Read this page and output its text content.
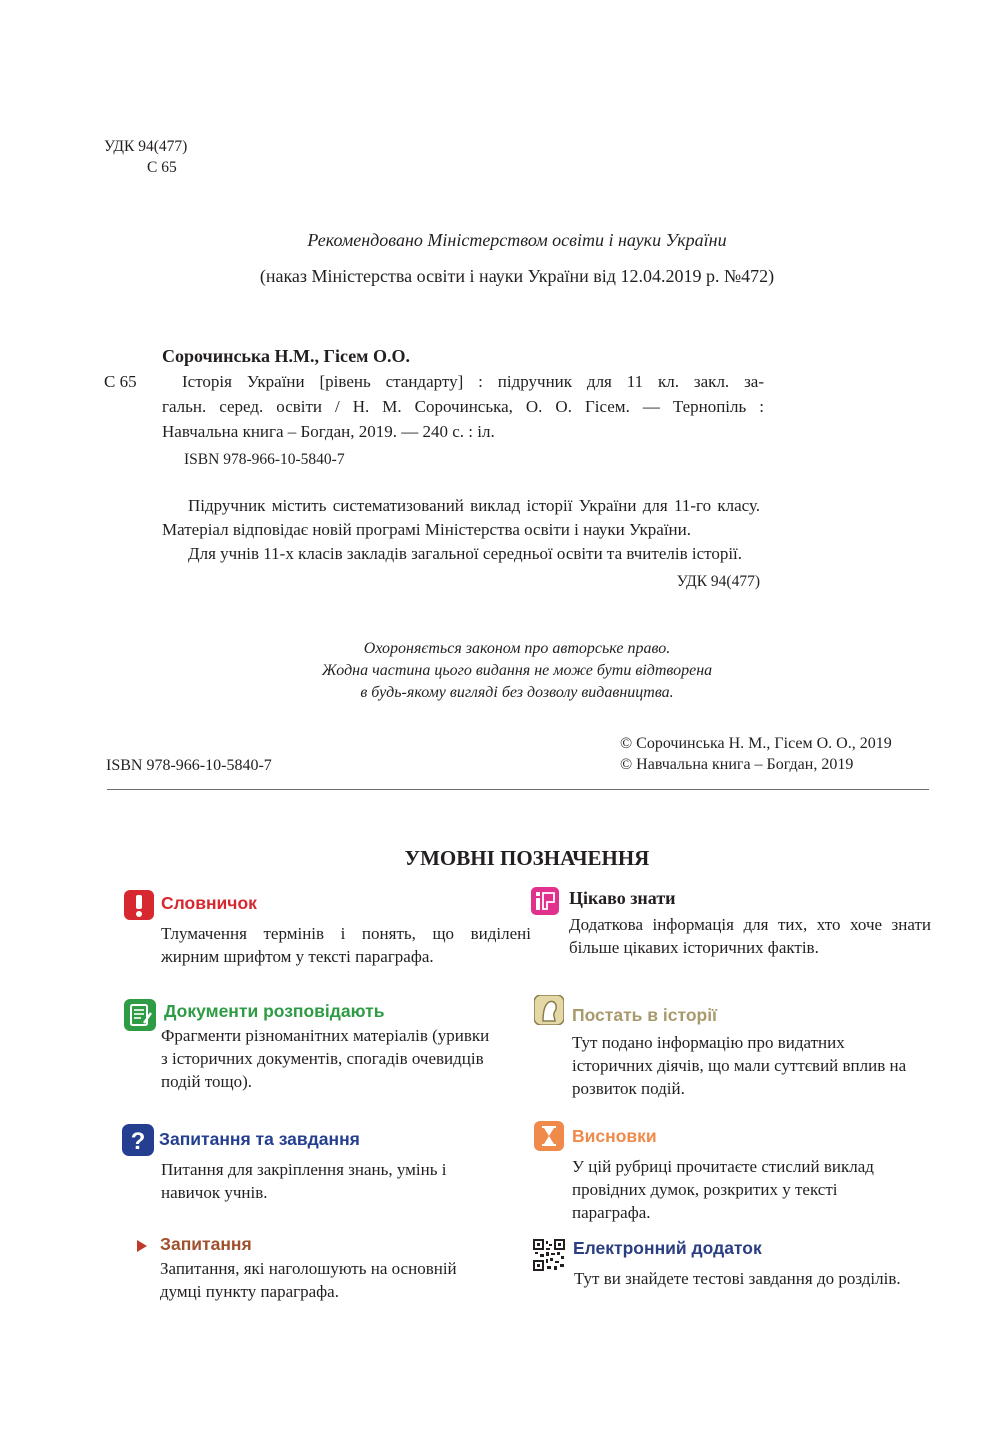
УДК 94(477)
С 65
Рекомендовано Міністерством освіти і науки України
(наказ Міністерства освіти і науки України від 12.04.2019 р. №472)
Сорочинська Н.М., Гісем О.О.
С 65	Історія України [рівень стандарту] : підручник для 11 кл. закл. за-
гальн. серед. освіти / Н. М. Сорочинська, О. О. Гісем. — Тернопіль :
Навчальна книга – Богдан, 2019. — 240 с. : іл.
ISBN 978-966-10-5840-7

Підручник містить систематизований виклад історії України для 11-го класу. Матеріал відповідає новій програмі Міністерства освіти і науки України.

Для учнів 11-х класів закладів загальної середньої освіти та вчителів історії.

УДК 94(477)
Охороняється законом про авторське право.
Жодна частина цього видання не може бути відтворена
в будь-якому вигляді без дозволу видавництва.
© Сорочинська Н. М., Гісем О. О., 2019
© Навчальна книга – Богдан, 2019
ISBN 978-966-10-5840-7
УМОВНІ ПОЗНАЧЕННЯ
Словничок
Тлумачення термінів і понять, що виділені жирним шрифтом у тексті параграфа.
Документи розповідають
Фрагменти різноманітних матеріалів (уривки з історичних документів, спогадів очевидців подій тощо).
? Запитання та завдання
Питання для закріплення знань, умінь і навичок учнів.
Запитання
Запитання, які наголошують на основній думці пункту параграфа.
Цікаво знати
Додаткова інформація для тих, хто хоче знати більше цікавих історичних фактів.
Постать в історії
Тут подано інформацію про видатних історичних діячів, що мали суттєвий вплив на розвиток подій.
Висновки
У цій рубриці прочитаєте стислий виклад провідних думок, розкритих у тексті параграфа.
Електронний додаток
Тут ви знайдете тестові завдання до розділів.
